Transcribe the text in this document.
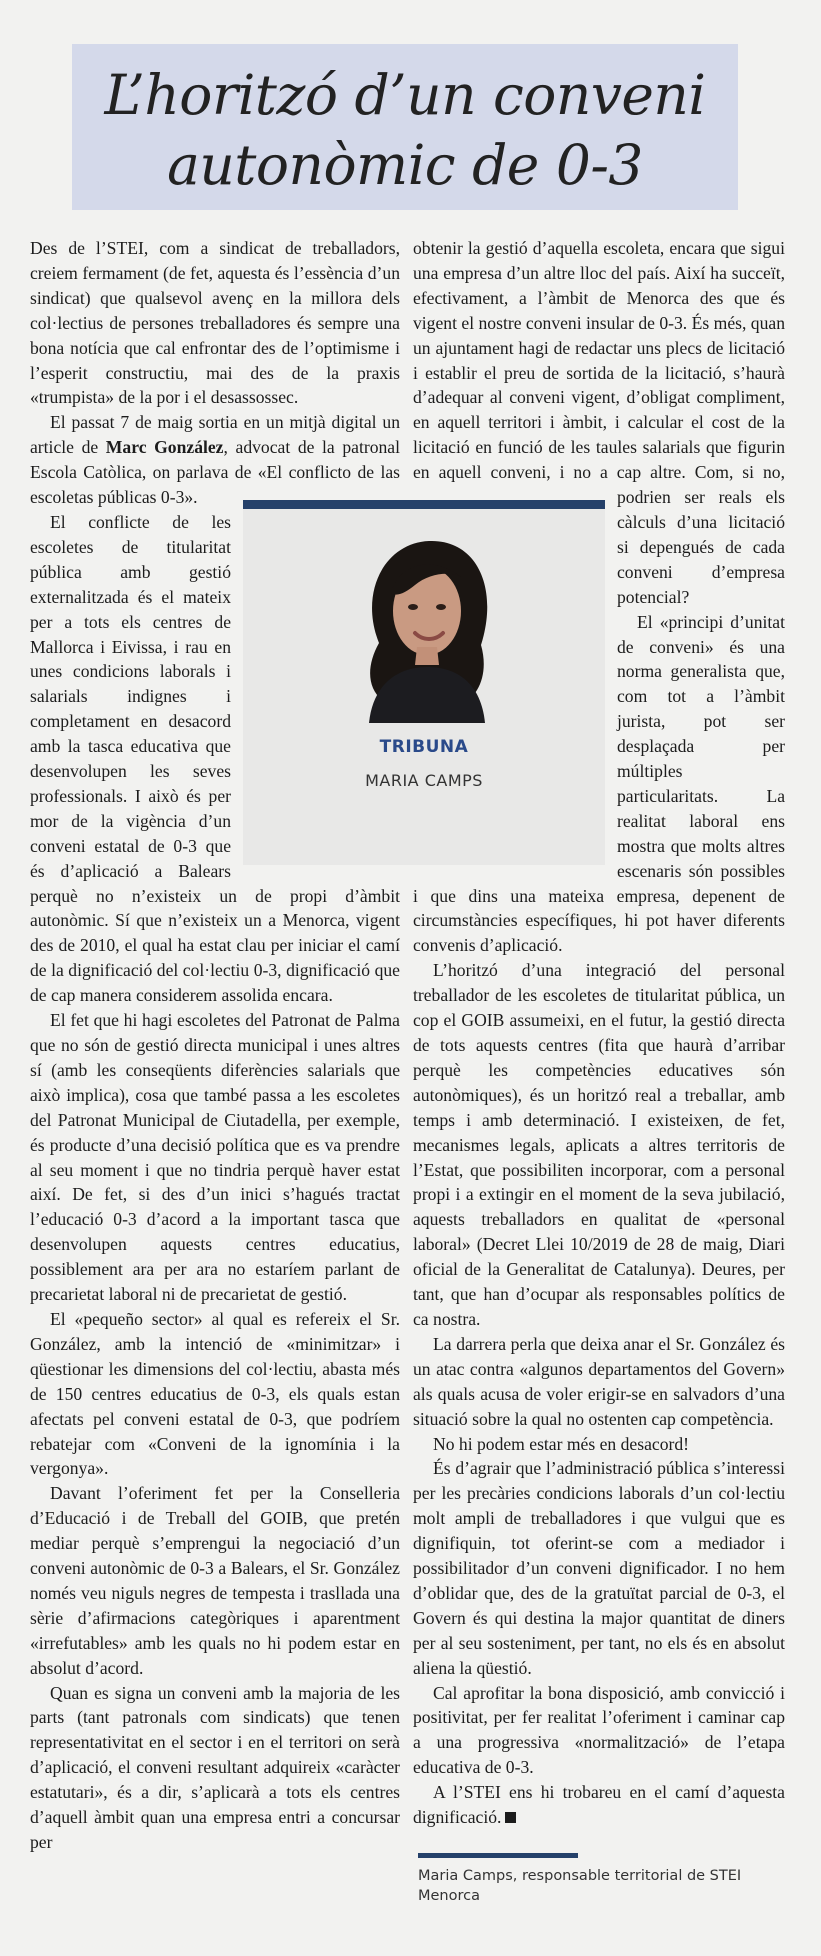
L’horitzó d’un conveni
autonòmic de 0-3

Des de l’STEI, com a sindicat de treballadors, creiem fermament (de fet, aquesta és l’essència d’un sindicat) que qualsevol avenç en la millora dels col·lectius de persones treballadores és sempre una bona notícia que cal enfrontar des de l’optimisme i l’esperit constructiu, mai des de la praxis «trumpista» de la por i el desassossec.

El passat 7 de maig sortia en un mitjà digital un article de Marc González, advocat de la patronal Escola Catòlica, on parlava de «El conflicto de las escoletas públicas 0-3».

El conflicte de les escoletes de titularitat pública amb gestió externalitzada és el mateix per a tots els centres de Mallorca i Eivissa, i rau en unes condicions laborals i salarials indignes i completament en desacord amb la tasca educativa que desenvolupen les seves professionals. I això és per mor de la vigència d’un conveni estatal de 0-3 que és d’aplicació a Balears perquè no n’existeix un de propi d’àmbit autonòmic. Sí que n’existeix un a Menorca, vigent des de 2010, el qual ha estat clau per iniciar el camí de la dignificació del col·lectiu 0-3, dignificació que de cap manera considerem assolida encara.

El fet que hi hagi escoletes del Patronat de Palma que no són de gestió directa municipal i unes altres sí (amb les conseqüents diferències salarials que això implica), cosa que també passa a les escoletes del Patronat Municipal de Ciutadella, per exemple, és producte d’una decisió política que es va prendre al seu moment i que no tindria perquè haver estat així. De fet, si des d’un inici s’hagués tractat l’educació 0-3 d’acord a la important tasca que desenvolupen aquests centres educatius, possiblement ara per ara no estaríem parlant de precarietat laboral ni de precarietat de gestió.

El «pequeño sector» al qual es refereix el Sr. González, amb la intenció de «minimitzar» i qüestionar les dimensions del col·lectiu, abasta més de 150 centres educatius de 0-3, els quals estan afectats pel conveni estatal de 0-3, que podríem rebatejar com «Conveni de la ignomínia i la vergonya».

Davant l’oferiment fet per la Conselleria d’Educació i de Treball del GOIB, que pretén mediar perquè s’emprengui la negociació d’un conveni autonòmic de 0-3 a Balears, el Sr. González només veu niguls negres de tempesta i trasllada una sèrie d’afirmacions categòriques i aparentment «irrefutables» amb les quals no hi podem estar en absolut d’acord.

Quan es signa un conveni amb la majoria de les parts (tant patronals com sindicats) que tenen representativitat en el sector i en el territori on serà d’aplicació, el conveni resultant adquireix «caràcter estatutari», és a dir, s’aplicarà a tots els centres d’aquell àmbit quan una empresa entri a concursar per

obtenir la gestió d’aquella escoleta, encara que sigui una empresa d’un altre lloc del país. Així ha succeït, efectivament, a l’àmbit de Menorca des que és vigent el nostre conveni insular de 0-3. És més, quan un ajuntament hagi de redactar uns plecs de licitació i establir el preu de sortida de la licitació, s’haurà d’adequar al conveni vigent, d’obligat compliment, en aquell territori i àmbit, i calcular el cost de la licitació en funció de les taules salarials que figurin en aquell conveni, i no a cap altre. Com, si no, podrien ser reals els càlculs d’una licitació si depengués de cada conveni d’empresa potencial?

El «principi d’unitat de conveni» és una norma generalista que, com tot a l’àmbit jurista, pot ser desplaçada per múltiples particularitats. La realitat laboral ens mostra que molts altres escenaris són possibles i que dins una mateixa empresa, depenent de circumstàncies específiques, hi pot haver diferents convenis d’aplicació.

L’horitzó d’una integració del personal treballador de les escoletes de titularitat pública, un cop el GOIB assumeixi, en el futur, la gestió directa de tots aquests centres (fita que haurà d’arribar perquè les competències educatives són autonòmiques), és un horitzó real a treballar, amb temps i amb determinació. I existeixen, de fet, mecanismes legals, aplicats a altres territoris de l’Estat, que possibiliten incorporar, com a personal propi i a extingir en el moment de la seva jubilació, aquests treballadors en qualitat de «personal laboral» (Decret Llei 10/2019 de 28 de maig, Diari oficial de la Generalitat de Catalunya). Deures, per tant, que han d’ocupar als responsables polítics de ca nostra.

La darrera perla que deixa anar el Sr. González és un atac contra «algunos departamentos del Govern» als quals acusa de voler erigir-se en salvadors d’una situació sobre la qual no ostenten cap competència.

No hi podem estar més en desacord!

És d’agrair que l’administració pública s’interessi per les precàries condicions laborals d’un col·lectiu molt ampli de treballadores i que vulgui que es dignifiquin, tot oferint-se com a mediador i possibilitador d’un conveni dignificador. I no hem d’oblidar que, des de la gratuïtat parcial de 0-3, el Govern és qui destina la major quantitat de diners per al seu sosteniment, per tant, no els és en absolut aliena la qüestió.

Cal aprofitar la bona disposició, amb convicció i positivitat, per fer realitat l’oferiment i caminar cap a una progressiva «normalització» de l’etapa educativa de 0-3.

A l’STEI ens hi trobareu en el camí d’aquesta dignificació.

TRIBUNA
MARIA CAMPS
Maria Camps, responsable territorial de STEI Menorca
